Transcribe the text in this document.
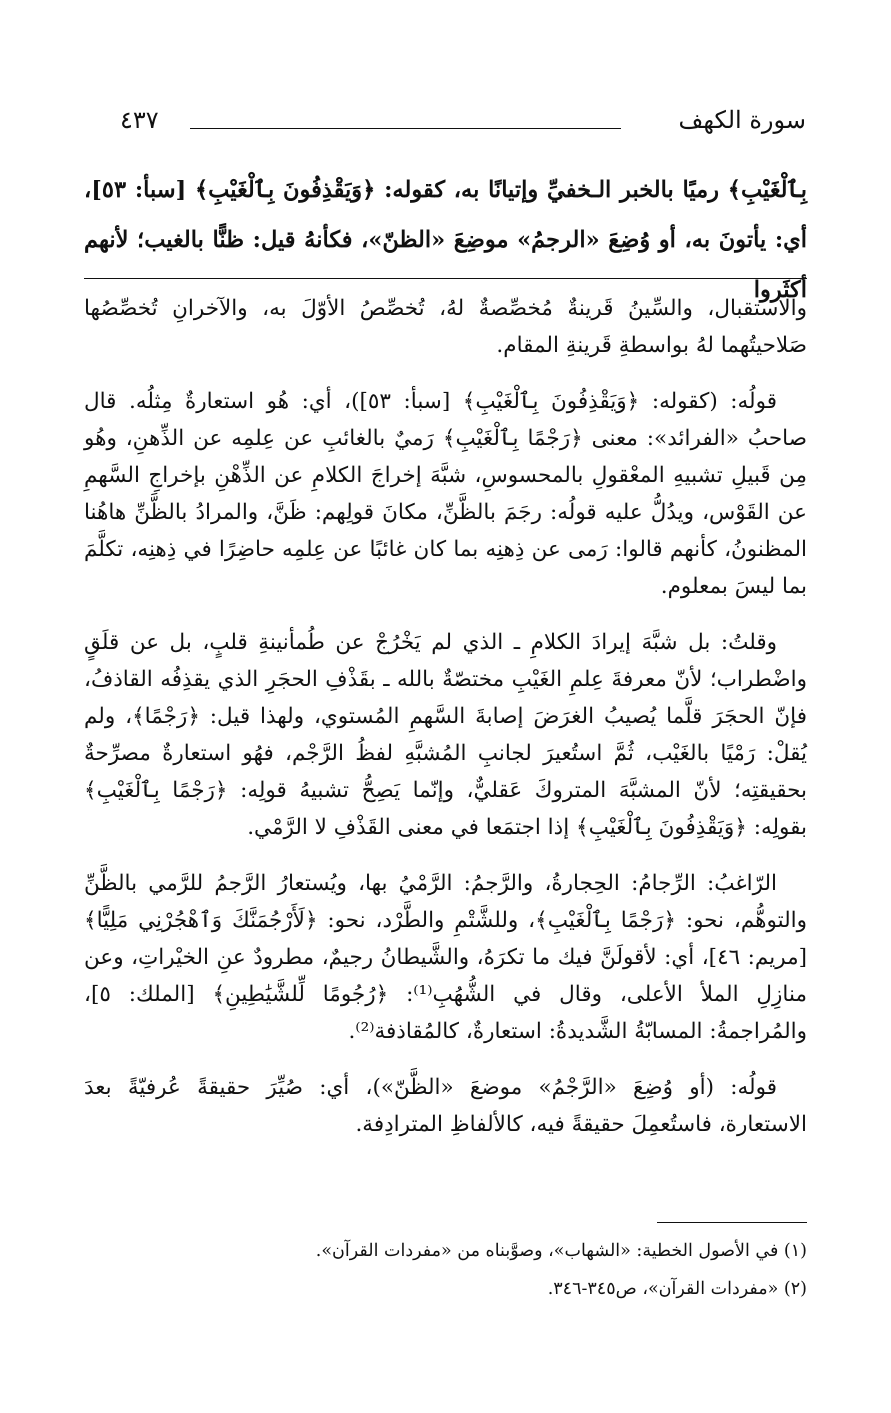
سورة الكهف
٤٣٧
بِٱلْغَيْبِ﴾ رميًا بالخبر الـخفيِّ وإتيانًا به، كقوله: ﴿وَيَقْذِفُونَ بِٱلْغَيْبِ﴾ [سبأ: ٥٣]، أي: يأتونَ به، أو وُضِعَ «الرجمُ» موضِعَ «الظنّ»، فكأنهُ قيل: ظنًّا بالغيب؛ لأنهم أكثَروا

والاستقبال، والسِّينُ قَرينةٌ مُخصِّصةٌ لهُ، تُخصِّصُ الأوّلَ به، والآخرانِ تُخصِّصُها صَلاحيتُهما لهُ بواسطةِ قَرينةِ المقام.

قولُه: (كقوله: ﴿وَيَقْذِفُونَ بِٱلْغَيْبِ﴾ [سبأ: ٥٣])، أي: هُو استعارةٌ مِثلُه. قال صاحبُ «الفرائد»: معنى ﴿رَجْمًا بِٱلْغَيْبِ﴾ رَميٌ بالغائبِ عن عِلمِه عن الذِّهنِ، وهُو مِن قَبيلِ تشبيهِ المعْقولِ بالمحسوسِ، شبَّهَ إخراجَ الكلامِ عن الذِّهْنِ بإخراجِ السَّهمِ عن القَوْس، ويدُلُّ عليه قولُه: رجَمَ بالظَّنِّ، مكانَ قولِهم: ظَنَّ، والمرادُ بالظَّنِّ هاهُنا المظنونُ، كأنهم قالوا: رَمى عن ذِهنِه بما كان غائبًا عن عِلمِه حاضِرًا في ذِهنِه، تكلَّمَ بما ليسَ بمعلوم.

وقلتُ: بل شبَّهَ إيرادَ الكلامِ ـ الذي لم يَخْرُجْ عن طُمأنينةِ قلبٍ، بل عن قلَقٍ واضْطراب؛ لأنّ معرفةَ عِلمِ الغَيْبِ مختصّةٌ بالله ـ بقَذْفِ الحجَرِ الذي يقذِفُه القاذفُ، فإنّ الحجَرَ قلَّما يُصيبُ الغرَضَ إصابةَ السَّهمِ المُستوي، ولهذا قيل: ﴿رَجْمًا﴾، ولم يُقلْ: رَمْيًا بالغَيْب، ثُمَّ استُعيرَ لجانبِ المُشبَّهِ لفظُ الرَّجْم، فهُو استعارةٌ مصرِّحةٌ بحقيقتِه؛ لأنّ المشبَّهَ المتروكَ عَقليٌّ، وإنّما يَصِحُّ تشبيهُ قولِه: ﴿رَجْمًا بِٱلْغَيْبِ﴾ بقولِه: ﴿وَيَقْذِفُونَ بِٱلْغَيْبِ﴾ إذا اجتمَعا في معنى القَذْفِ لا الرَّمْي.

الرّاغبُ: الرِّجامُ: الحِجارةُ، والرَّجمُ: الرَّمْيُ بها، ويُستعارُ الرَّجمُ للرَّمي بالظَّنِّ والتوهُّم، نحو: ﴿رَجْمًا بِٱلْغَيْبِ﴾، وللشَّتْمِ والطَّرْد، نحو: ﴿لَأَرْجُمَنَّكَ وَٱهْجُرْنِي مَلِيًّا﴾ [مريم: ٤٦]، أي: لأقولَنَّ فيك ما تكرَهُ، والشَّيطانُ رجيمٌ، مطرودٌ عنِ الخيْراتِ، وعن منازِلِ الملأ الأعلى، وقال في الشُّهُبِ⁽¹⁾: ﴿رُجُومًا لِّلشَّيَٰطِينِ﴾ [الملك: ٥]، والمُراجمةُ: المسابّةُ الشَّديدةُ: استعارةٌ، كالمُقاذفة⁽²⁾.

قولُه: (أو وُضِعَ «الرَّجْمُ» موضعَ «الظَّنّ»)، أي: صُيِّرَ حقيقةً عُرفيّةً بعدَ الاستعارة، فاستُعمِلَ حقيقةً فيه، كالألفاظِ المترادِفة.

(١) في الأصول الخطية: «الشهاب»، وصوَّبناه من «مفردات القرآن».
(٢) «مفردات القرآن»، ص٣٤٥-٣٤٦.
